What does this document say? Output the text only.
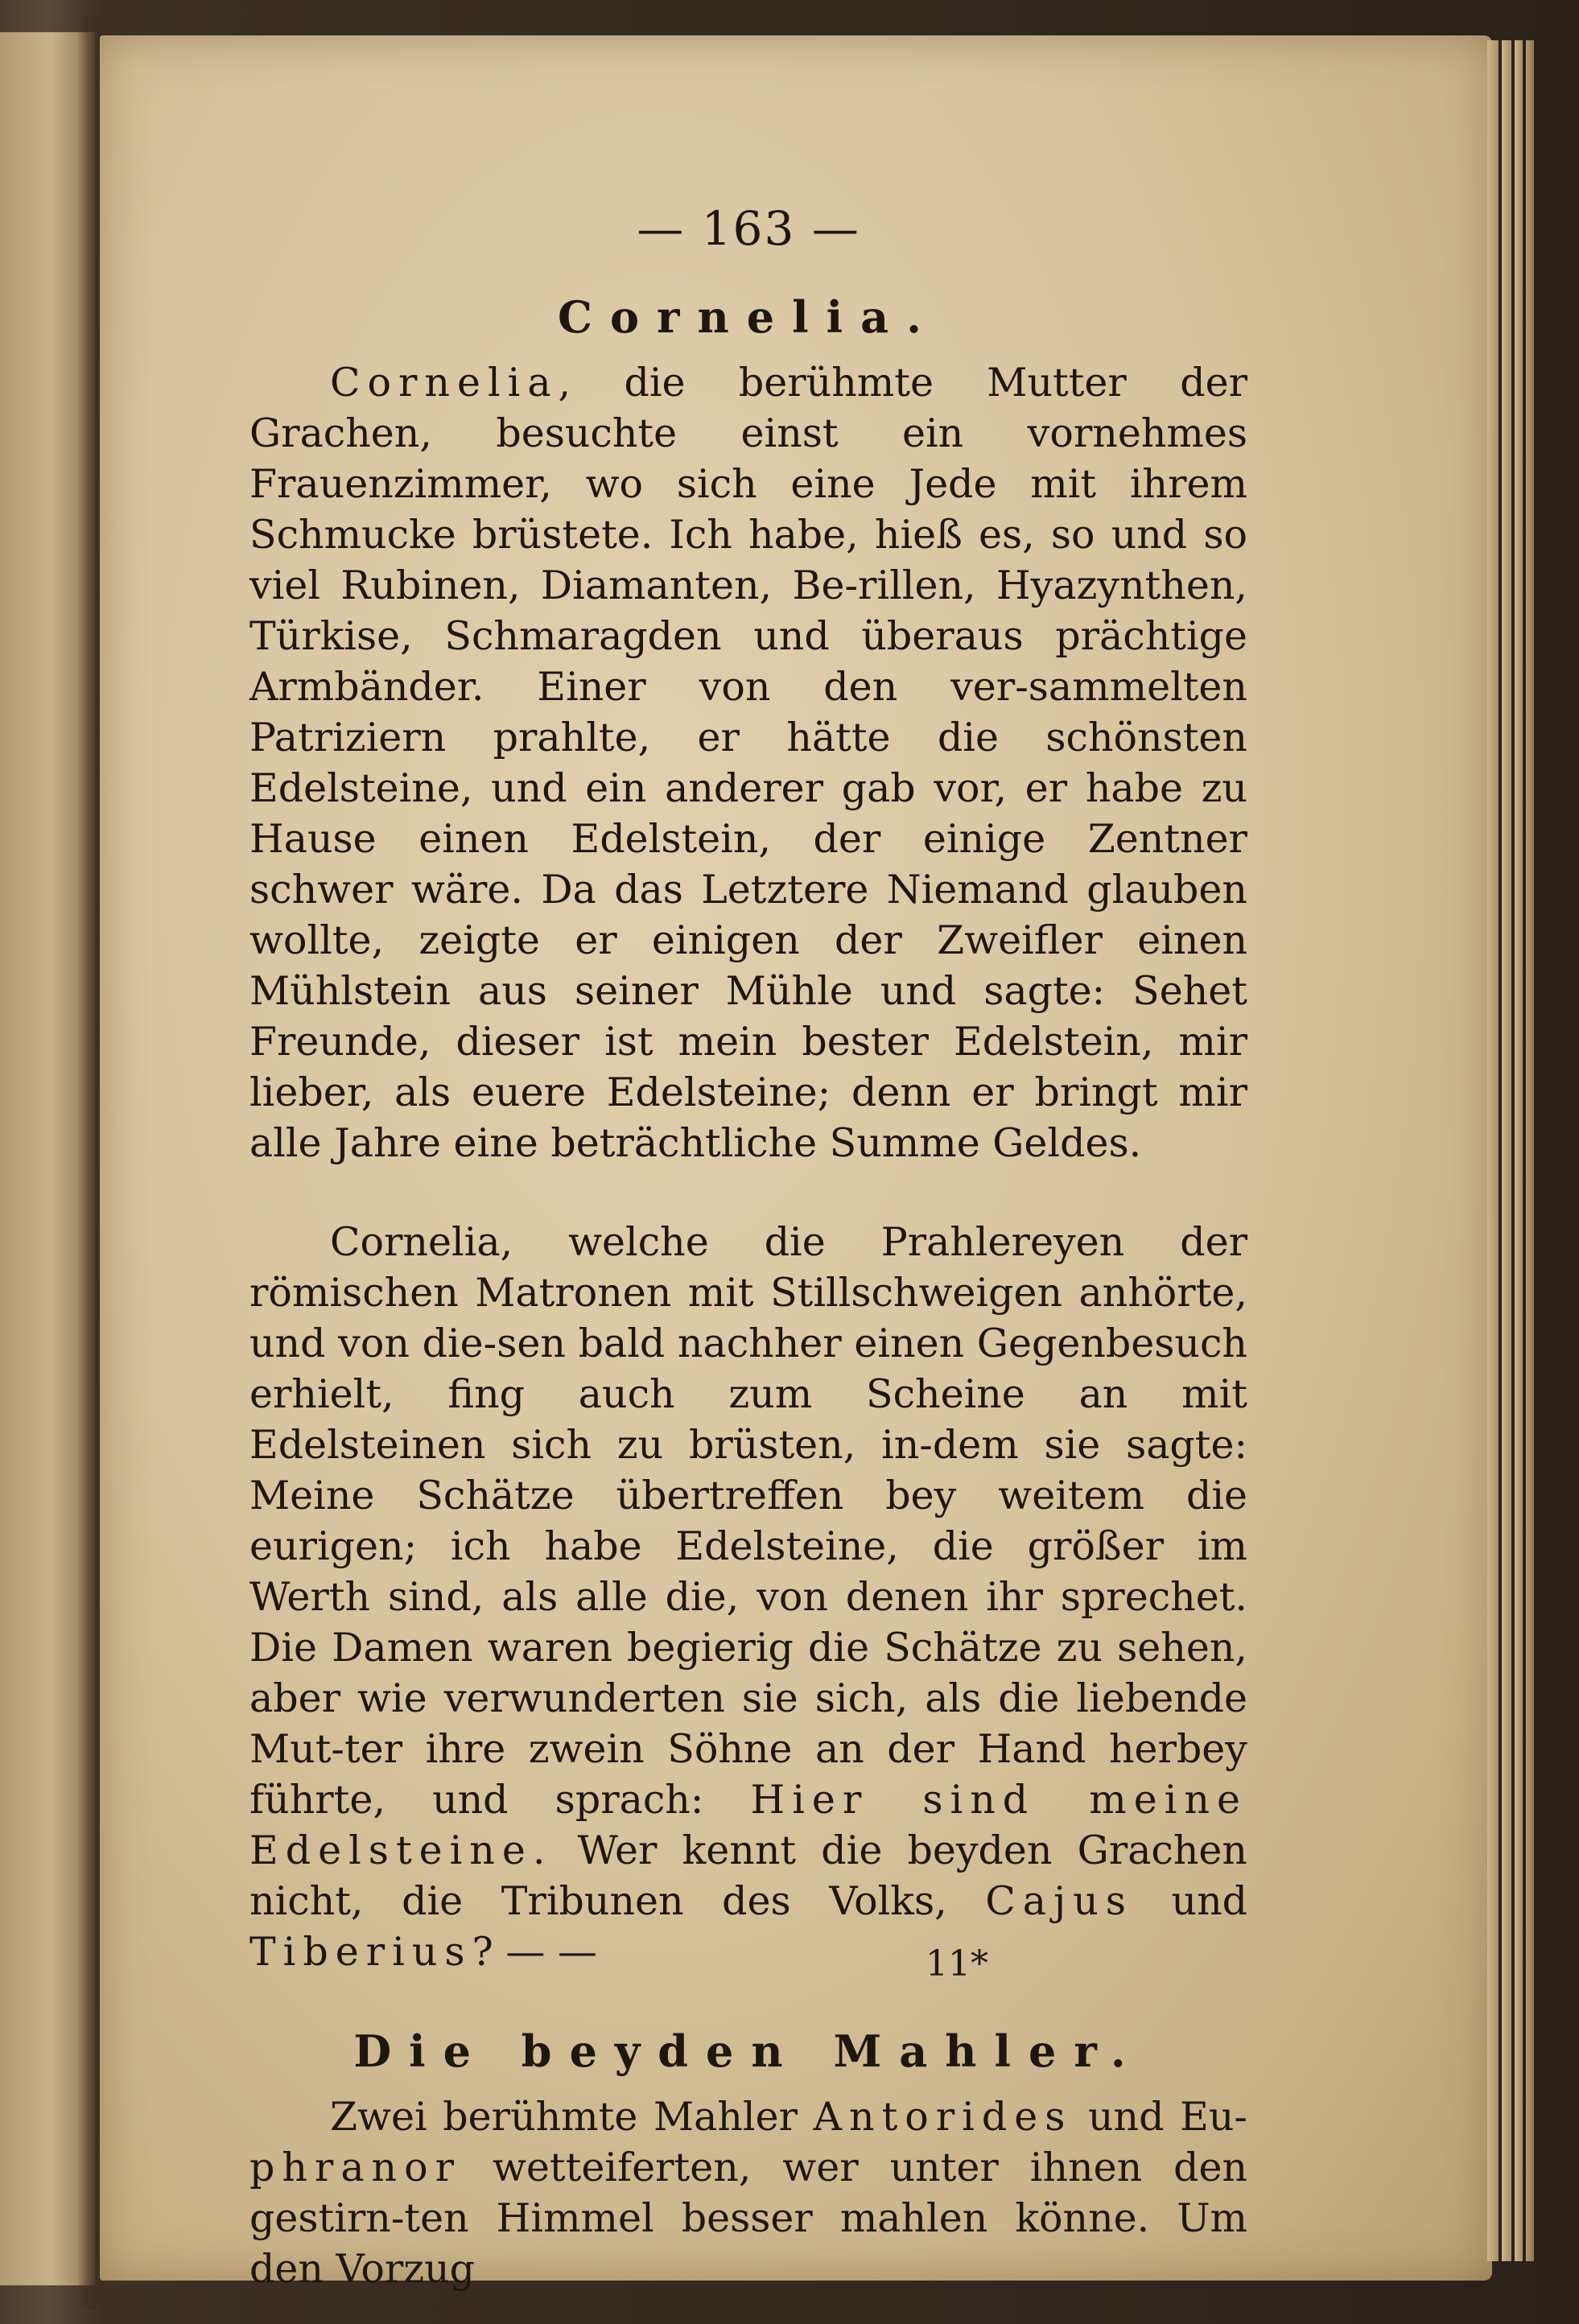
— 163 —
Cornelia.

Cornelia, die berühmte Mutter der Grachen, besuchte einst ein vornehmes Frauenzimmer, wo sich eine Jede mit ihrem Schmucke brüstete. Ich habe, hieß es, so und so viel Rubinen, Diamanten, Be-rillen, Hyazynthen, Türkise, Schmaragden und überaus prächtige Armbänder. Einer von den ver-sammelten Patriziern prahlte, er hätte die schönsten Edelsteine, und ein anderer gab vor, er habe zu Hause einen Edelstein, der einige Zentner schwer wäre. Da das Letztere Niemand glauben wollte, zeigte er einigen der Zweifler einen Mühlstein aus seiner Mühle und sagte: Sehet Freunde, dieser ist mein bester Edelstein, mir lieber, als euere Edelsteine; denn er bringt mir alle Jahre eine beträchtliche Summe Geldes.

Cornelia, welche die Prahlereyen der römischen Matronen mit Stillschweigen anhörte, und von die-sen bald nachher einen Gegenbesuch erhielt, fing auch zum Scheine an mit Edelsteinen sich zu brüsten, in-dem sie sagte: Meine Schätze übertreffen bey weitem die eurigen; ich habe Edelsteine, die größer im Werth sind, als alle die, von denen ihr sprechet. Die Damen waren begierig die Schätze zu sehen, aber wie verwunderten sie sich, als die liebende Mut-ter ihre zwein Söhne an der Hand herbey führte, und sprach: Hier sind meine Edelsteine. Wer kennt die beyden Grachen nicht, die Tribunen des Volks, Cajus und Tiberius? — —

Die beyden Mahler.

Zwei berühmte Mahler Antorides und Eu-phranor wetteiferten, wer unter ihnen den gestirn-ten Himmel besser mahlen könne. Um den Vorzug

11*
